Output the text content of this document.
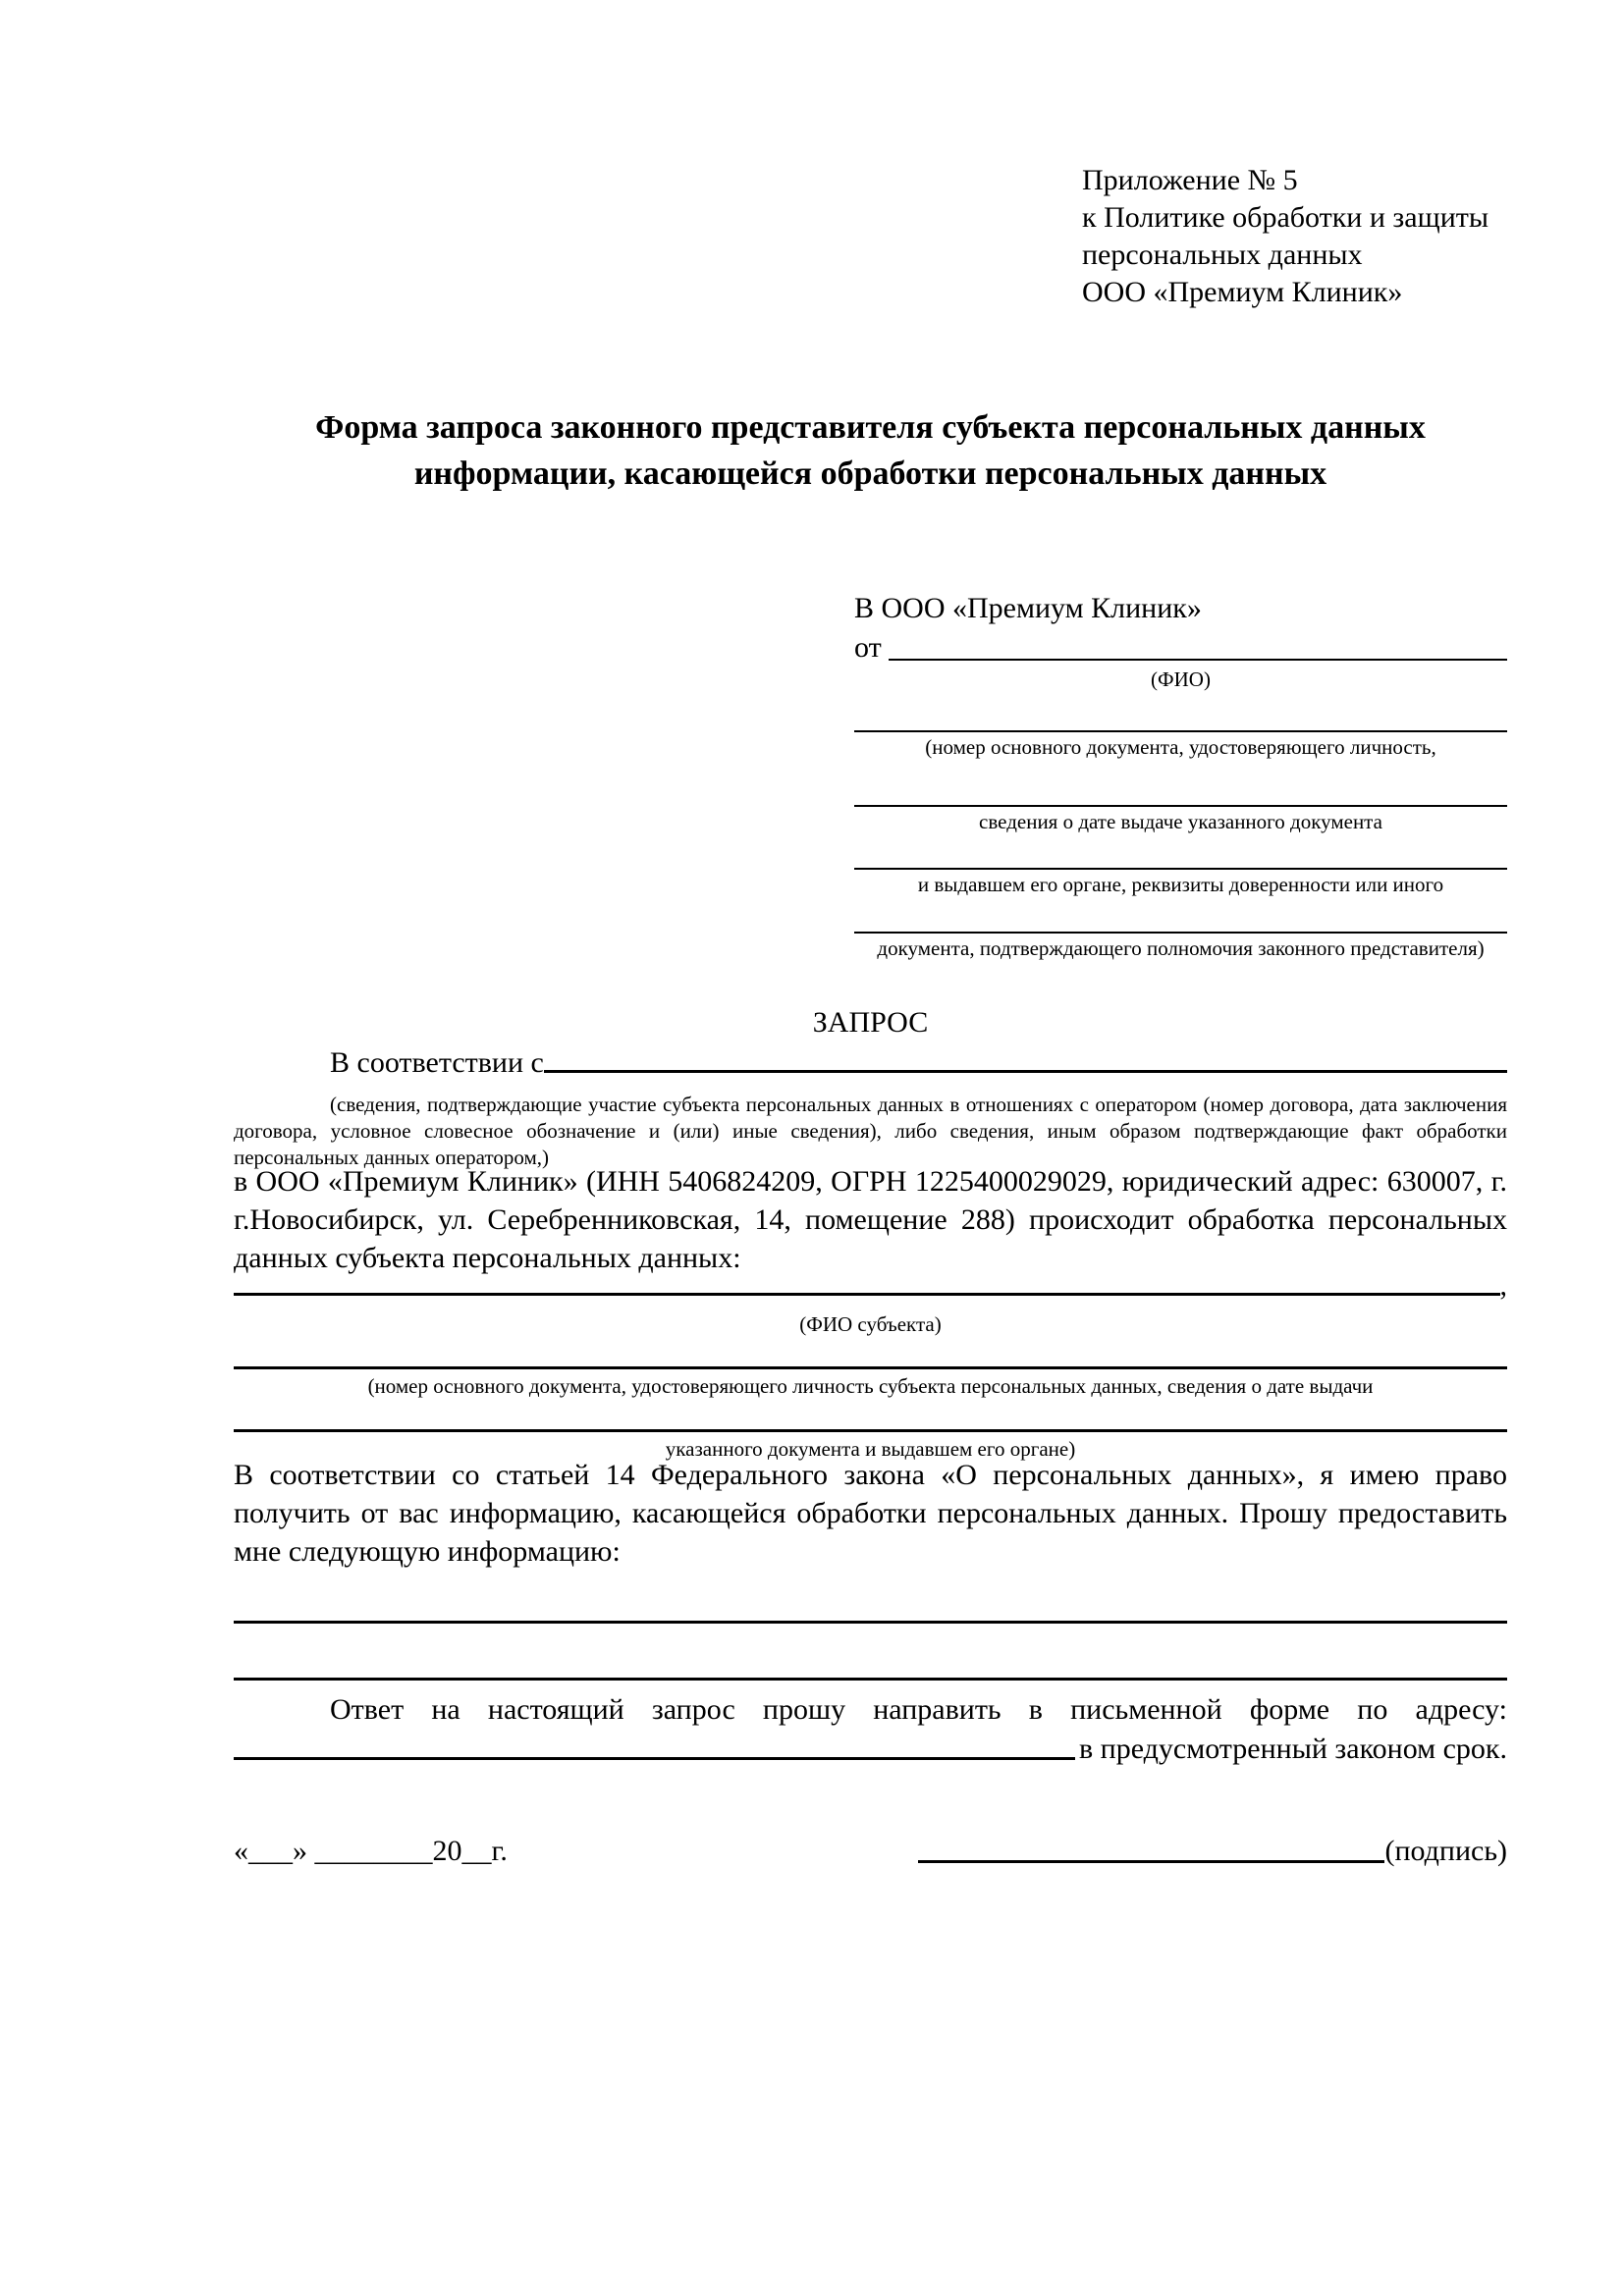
Приложение № 5
к Политике обработки и защиты
персональных данных
ООО «Премиум Клиник»
Форма запроса законного представителя субъекта персональных данных
информации, касающейся обработки персональных данных
В ООО «Премиум Клиник»
от

(ФИО)
(номер основного документа, удостоверяющего личность,
сведения о дате выдаче указанного документа
и выдавшем его органе, реквизиты доверенности или иного
документа, подтверждающего полномочия законного представителя)
ЗАПРОС
В соответствии с
(сведения, подтверждающие участие субъекта персональных данных в отношениях с оператором (номер договора, дата заключения договора, условное словесное обозначение и (или) иные сведения), либо сведения, иным образом подтверждающие факт обработки персональных данных оператором,)
в ООО «Премиум Клиник» (ИНН 5406824209, ОГРН 1225400029029, юридический адрес: 630007, г. г.Новосибирск, ул. Серебренниковская, 14, помещение 288) происходит обработка персональных данных субъекта персональных данных:
,
(ФИО субъекта)
(номер основного документа, удостоверяющего личность субъекта персональных данных, сведения о дате выдачи
указанного документа и выдавшем его органе)
В соответствии со статьей 14 Федерального закона «О персональных данных», я имею право получить от вас информацию, касающейся обработки персональных данных. Прошу предоставить мне следующую информацию:
Ответ на настоящий запрос прошу направить в письменной форме по адресу:
в предусмотренный законом срок.
«___» ________20__г.	(подпись)
